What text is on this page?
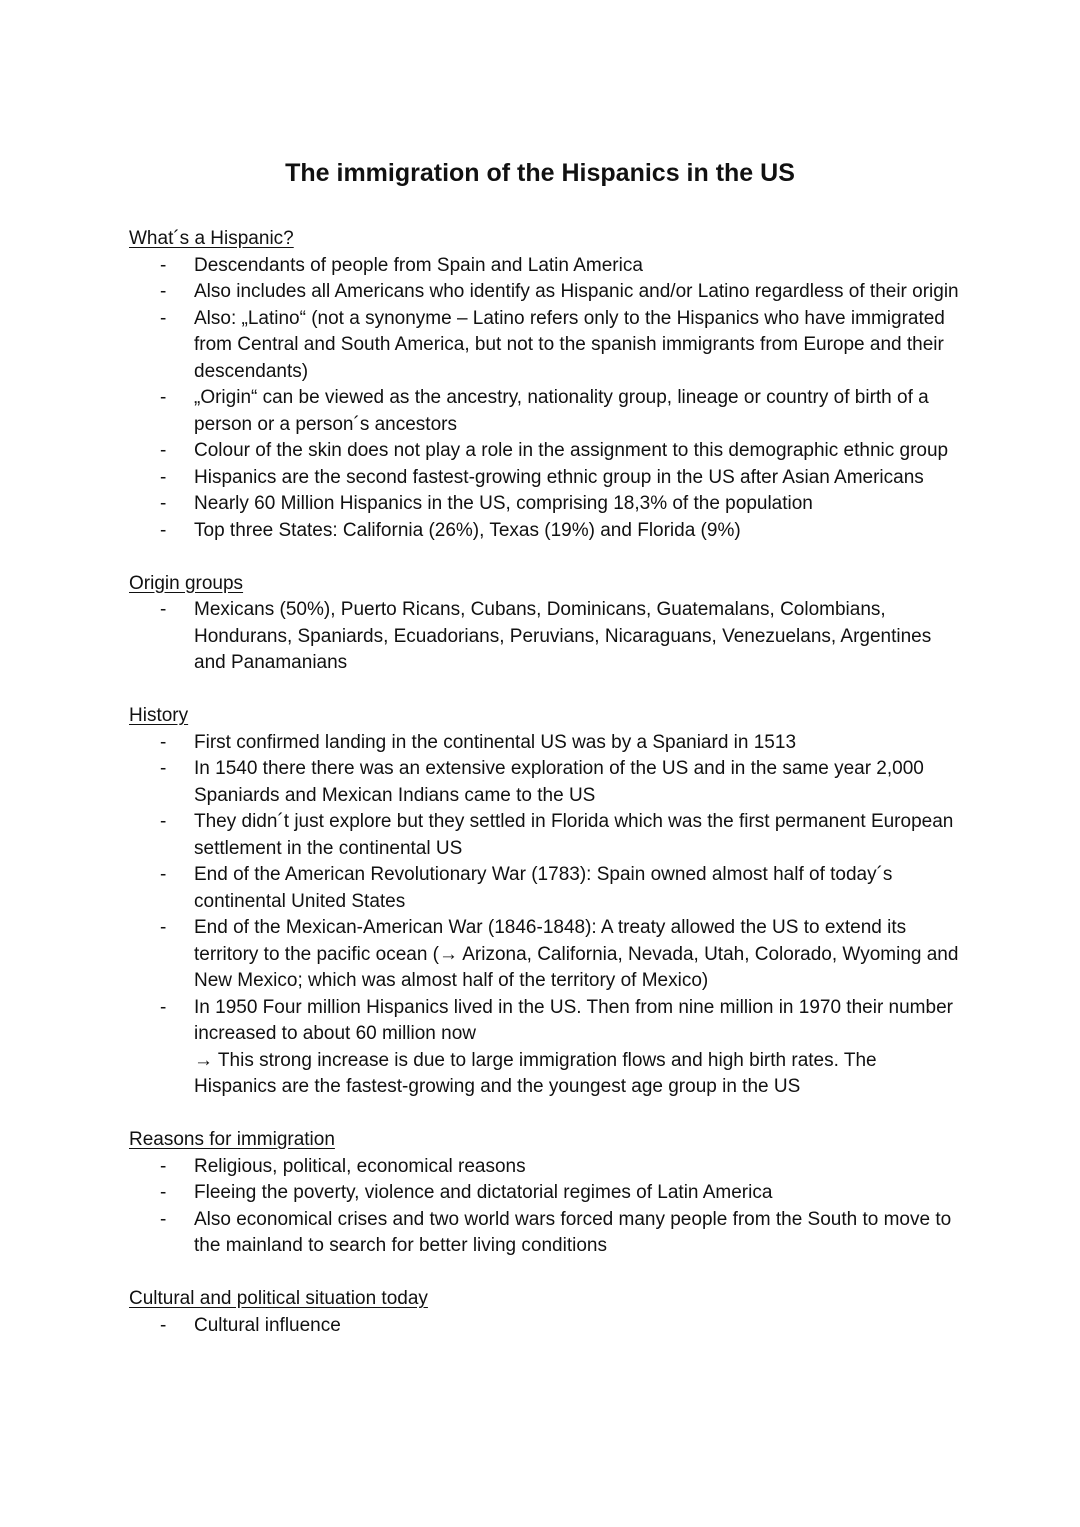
The immigration of the Hispanics in the US
What´s a Hispanic?
- Descendants of people from Spain and Latin America
- Also includes all Americans who identify as Hispanic and/or Latino regardless of their origin
- Also: „Latino“ (not a synonyme – Latino refers only to the Hispanics who have immigrated from Central and South America, but not to the spanish immigrants from Europe and their descendants)
- „Origin“ can be viewed as the ancestry, nationality group, lineage or country of birth of a person or a person´s ancestors
- Colour of the skin does not play a role in the assignment to this demographic ethnic group
- Hispanics are the second fastest-growing ethnic group in the US after Asian Americans
- Nearly 60 Million Hispanics in the US, comprising 18,3% of the population
- Top three States: California (26%), Texas (19%) and Florida (9%)
Origin groups
- Mexicans (50%), Puerto Ricans, Cubans, Dominicans, Guatemalans, Colombians, Hondurans, Spaniards, Ecuadorians, Peruvians, Nicaraguans, Venezuelans, Argentines and Panamanians
History
- First confirmed landing in the continental US was by a Spaniard in 1513
- In 1540 there there was an extensive exploration of the US and in the same year 2,000 Spaniards and Mexican Indians came to the US
- They didn´t just explore but they settled in Florida which was the first permanent European settlement in the continental US
- End of the American Revolutionary War (1783): Spain owned almost half of today´s continental United States
- End of the Mexican-American War (1846-1848): A treaty allowed the US to extend its territory to the pacific ocean (→ Arizona, California, Nevada, Utah, Colorado, Wyoming and New Mexico; which was almost half of the territory of Mexico)
- In 1950 Four million Hispanics lived in the US. Then from nine million in 1970 their number increased to about 60 million now
→ This strong increase is due to large immigration flows and high birth rates. The Hispanics are the fastest-growing and the youngest age group in the US
Reasons for immigration
- Religious, political, economical reasons
- Fleeing the poverty, violence and dictatorial regimes of Latin America
- Also economical crises and two world wars forced many people from the South to move to the mainland to search for better living conditions
Cultural and political situation today
- Cultural influence
